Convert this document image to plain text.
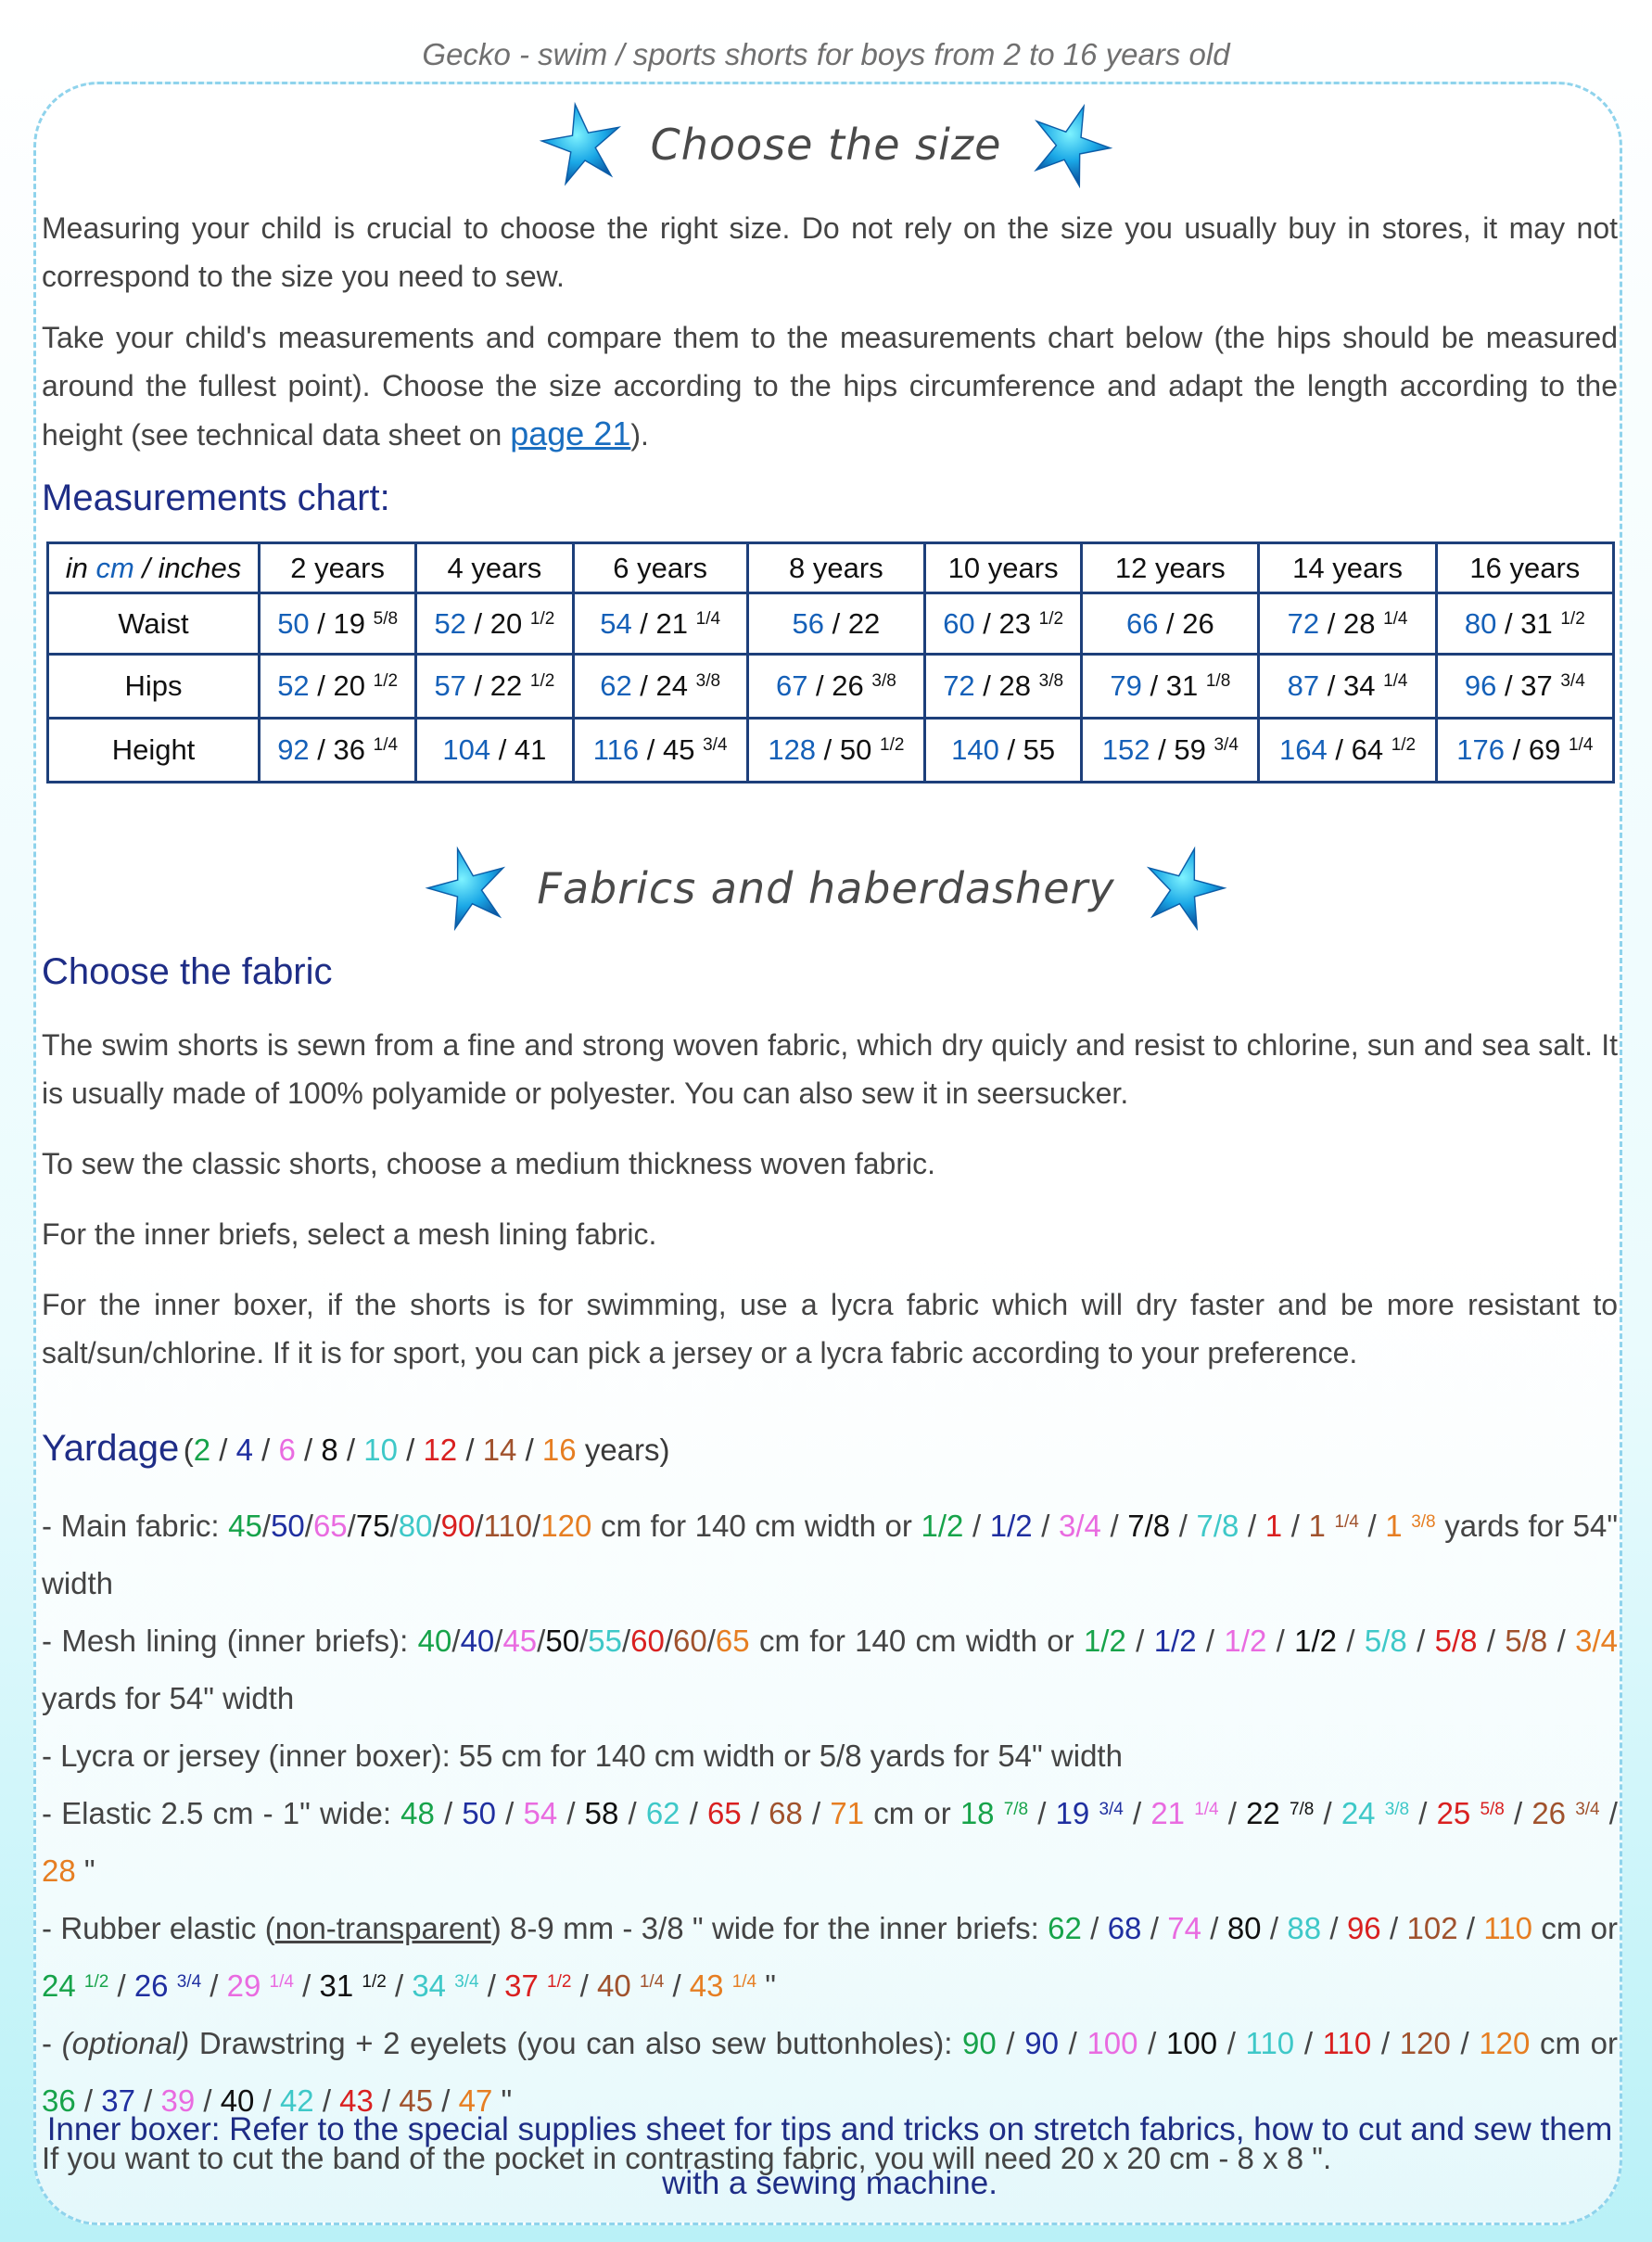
Gecko - swim / sports shorts for boys from 2 to 16 years old
Choose the size

Measuring your child is crucial to choose the right size. Do not rely on the size you usually buy in stores, it may not correspond to the size you need to sew.

Take your child's measurements and compare them to the measurements chart below (the hips should be measured around the fullest point). Choose the size according to the hips circumference and adapt the length according to the height (see technical data sheet on page 21).

Measurements chart:
in cm / inches	2 years	4 years	6 years	8 years	10 years	12 years	14 years	16 years
Waist	50 / 19 $^{5/8}$	52 / 20 $^{1/2}$	54 / 21 $^{1/4}$	56 / 22	60 / 23 $^{1/2}$	66 / 26	72 / 28 $^{1/4}$	80 / 31 $^{1/2}$
Hips	52 / 20 $^{1/2}$	57 / 22 $^{1/2}$	62 / 24 $^{3/8}$	67 / 26 $^{3/8}$	72 / 28 $^{3/8}$	79 / 31 $^{1/8}$	87 / 34 $^{1/4}$	96 / 37 $^{3/4}$
Height	92 / 36 $^{1/4}$	104 / 41	116 / 45 $^{3/4}$	128 / 50 $^{1/2}$	140 / 55	152 / 59 $^{3/4}$	164 / 64 $^{1/2}$	176 / 69 $^{1/4}$
Fabrics and haberdashery
Choose the fabric

The swim shorts is sewn from a fine and strong woven fabric, which dry quicly and resist to chlorine, sun and sea salt. It is usually made of 100% polyamide or polyester. You can also sew it in seersucker.

To sew the classic shorts, choose a medium thickness woven fabric.

For the inner briefs, select a mesh lining fabric.

For the inner boxer, if the shorts is for swimming, use a lycra fabric which will dry faster and be more resistant to salt/sun/chlorine. If it is for sport, you can pick a jersey or a lycra fabric according to your preference.

Yardage (2 / 4 / 6 / 8 / 10 / 12 / 14 / 16 years)
- Main fabric: 45/50/65/75/80/90/110/120 cm for 140 cm width or 1/2 / 1/2 / 3/4 / 7/8 / 7/8 / 1 / 1 $^{1/4}$ / 1 $^{3/8}$ yards for 54" width
- Mesh lining (inner briefs): 40/40/45/50/55/60/60/65 cm for 140 cm width or 1/2 / 1/2 / 1/2 / 1/2 / 5/8 / 5/8 / 5/8 / 3/4 yards for 54" width
- Lycra or jersey (inner boxer): 55 cm for 140 cm width or 5/8 yards for 54" width
- Elastic 2.5 cm - 1" wide: 48 / 50 / 54 / 58 / 62 / 65 / 68 / 71 cm or 18 $^{7/8}$ / 19 $^{3/4}$ / 21 $^{1/4}$ / 22 $^{7/8}$ / 24 $^{3/8}$ / 25 $^{5/8}$ / 26 $^{3/4}$ / 28 "
- Rubber elastic (non-transparent) 8-9 mm - 3/8 " wide for the inner briefs: 62 / 68 / 74 / 80 / 88 / 96 / 102 / 110 cm or 24 $^{1/2}$ / 26 $^{3/4}$ / 29 $^{1/4}$ / 31 $^{1/2}$ / 34 $^{3/4}$ / 37 $^{1/2}$ / 40 $^{1/4}$ / 43 $^{1/4}$ "
- (optional) Drawstring + 2 eyelets (you can also sew buttonholes): 90 / 90 / 100 / 100 / 110 / 110 / 120 / 120 cm or 36 / 37 / 39 / 40 / 42 / 43 / 45 / 47 "
If you want to cut the band of the pocket in contrasting fabric, you will need 20 x 20 cm - 8 x 8 ".
Inner boxer: Refer to the special supplies sheet for tips and tricks on stretch fabrics, how to cut and sew them with a sewing machine.
